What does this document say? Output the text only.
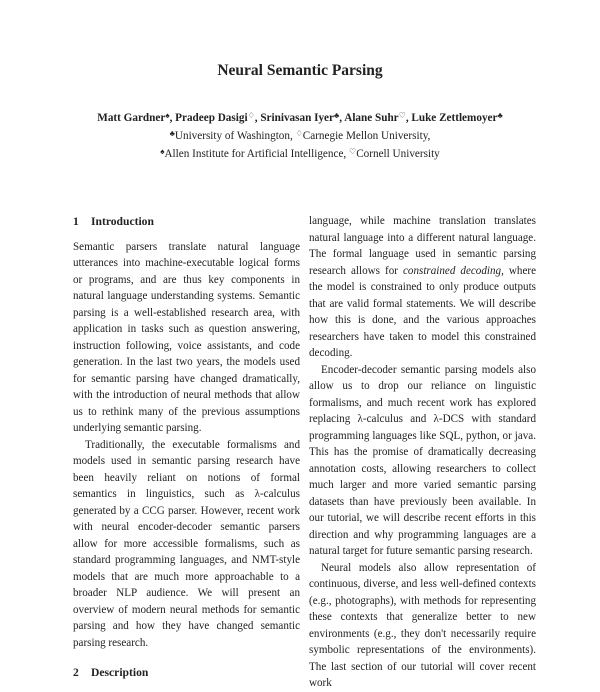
Neural Semantic Parsing
Matt Gardner♠, Pradeep Dasigi♢, Srinivasan Iyer♣, Alane Suhr♡, Luke Zettlemoyer♣
♣University of Washington, ♢Carnegie Mellon University,
♠Allen Institute for Artificial Intelligence, ♡Cornell University
1 Introduction

Semantic parsers translate natural language utterances into machine-executable logical forms or programs, and are thus key components in natural language understanding systems. Semantic parsing is a well-established research area, with application in tasks such as question answering, instruction following, voice assistants, and code generation. In the last two years, the models used for semantic parsing have changed dramatically, with the introduction of neural methods that allow us to rethink many of the previous assumptions underlying semantic parsing.

Traditionally, the executable formalisms and models used in semantic parsing research have been heavily reliant on notions of formal semantics in linguistics, such as λ-calculus generated by a CCG parser. However, recent work with neural encoder-decoder semantic parsers allow for more accessible formalisms, such as standard programming languages, and NMT-style models that are much more approachable to a broader NLP audience. We will present an overview of modern neural methods for semantic parsing and how they have changed semantic parsing research.

2 Description

language, while machine translation translates natural language into a different natural language. The formal language used in semantic parsing research allows for constrained decoding, where the model is constrained to only produce outputs that are valid formal statements. We will describe how this is done, and the various approaches researchers have taken to model this constrained decoding.

Encoder-decoder semantic parsing models also allow us to drop our reliance on linguistic formalisms, and much recent work has explored replacing λ-calculus and λ-DCS with standard programming languages like SQL, python, or java. This has the promise of dramatically decreasing annotation costs, allowing researchers to collect much larger and more varied semantic parsing datasets than have previously been available. In our tutorial, we will describe recent efforts in this direction and why programming languages are a natural target for future semantic parsing research.

Neural models also allow representation of continuous, diverse, and less well-defined contexts (e.g., photographs), with methods for representing these contexts that generalize better to new environments (e.g., they don't necessarily require symbolic representations of the environments). The last section of our tutorial will cover recent work
